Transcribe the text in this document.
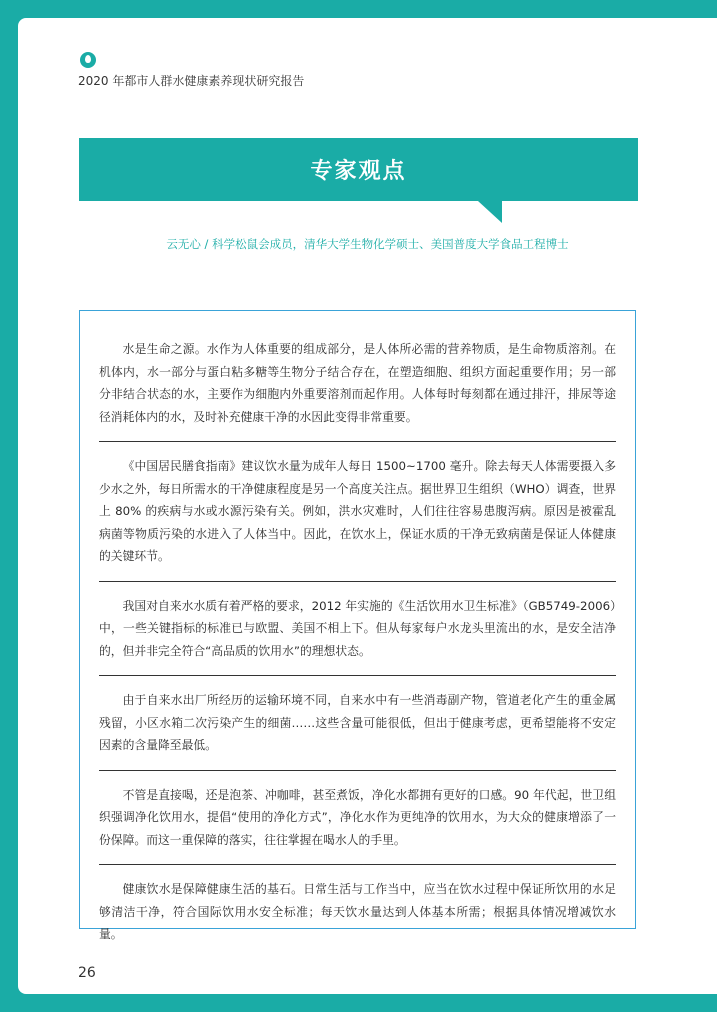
2020 年都市人群水健康素养现状研究报告
专家观点
云无心 / 科学松鼠会成员，清华大学生物化学硕士、美国普度大学食品工程博士

水是生命之源。水作为人体重要的组成部分，是人体所必需的营养物质，是生命物质溶剂。在机体内，水一部分与蛋白粘多糖等生物分子结合存在，在塑造细胞、组织方面起重要作用；另一部分非结合状态的水，主要作为细胞内外重要溶剂而起作用。人体每时每刻都在通过排汗，排尿等途径消耗体内的水，及时补充健康干净的水因此变得非常重要。

《中国居民膳食指南》建议饮水量为成年人每日 1500~1700 毫升。除去每天人体需要摄入多少水之外，每日所需水的干净健康程度是另一个高度关注点。据世界卫生组织（WHO）调查，世界上 80% 的疾病与水或水源污染有关。例如，洪水灾难时，人们往往容易患腹泻病。原因是被霍乱病菌等物质污染的水进入了人体当中。因此，在饮水上，保证水质的干净无致病菌是保证人体健康的关键环节。

我国对自来水水质有着严格的要求，2012 年实施的《生活饮用水卫生标准》（GB5749-2006）中，一些关键指标的标准已与欧盟、美国不相上下。但从每家每户水龙头里流出的水，是安全洁净的，但并非完全符合“高品质的饮用水”的理想状态。

由于自来水出厂所经历的运输环境不同，自来水中有一些消毒副产物，管道老化产生的重金属残留，小区水箱二次污染产生的细菌……这些含量可能很低，但出于健康考虑，更希望能将不安定因素的含量降至最低。

不管是直接喝，还是泡茶、冲咖啡，甚至煮饭，净化水都拥有更好的口感。90 年代起，世卫组织强调净化饮用水，提倡“使用的净化方式”，净化水作为更纯净的饮用水，为大众的健康增添了一份保障。而这一重保障的落实，往往掌握在喝水人的手里。

健康饮水是保障健康生活的基石。日常生活与工作当中，应当在饮水过程中保证所饮用的水足够清洁干净，符合国际饮用水安全标准；每天饮水量达到人体基本所需；根据具体情况增减饮水量。

26
